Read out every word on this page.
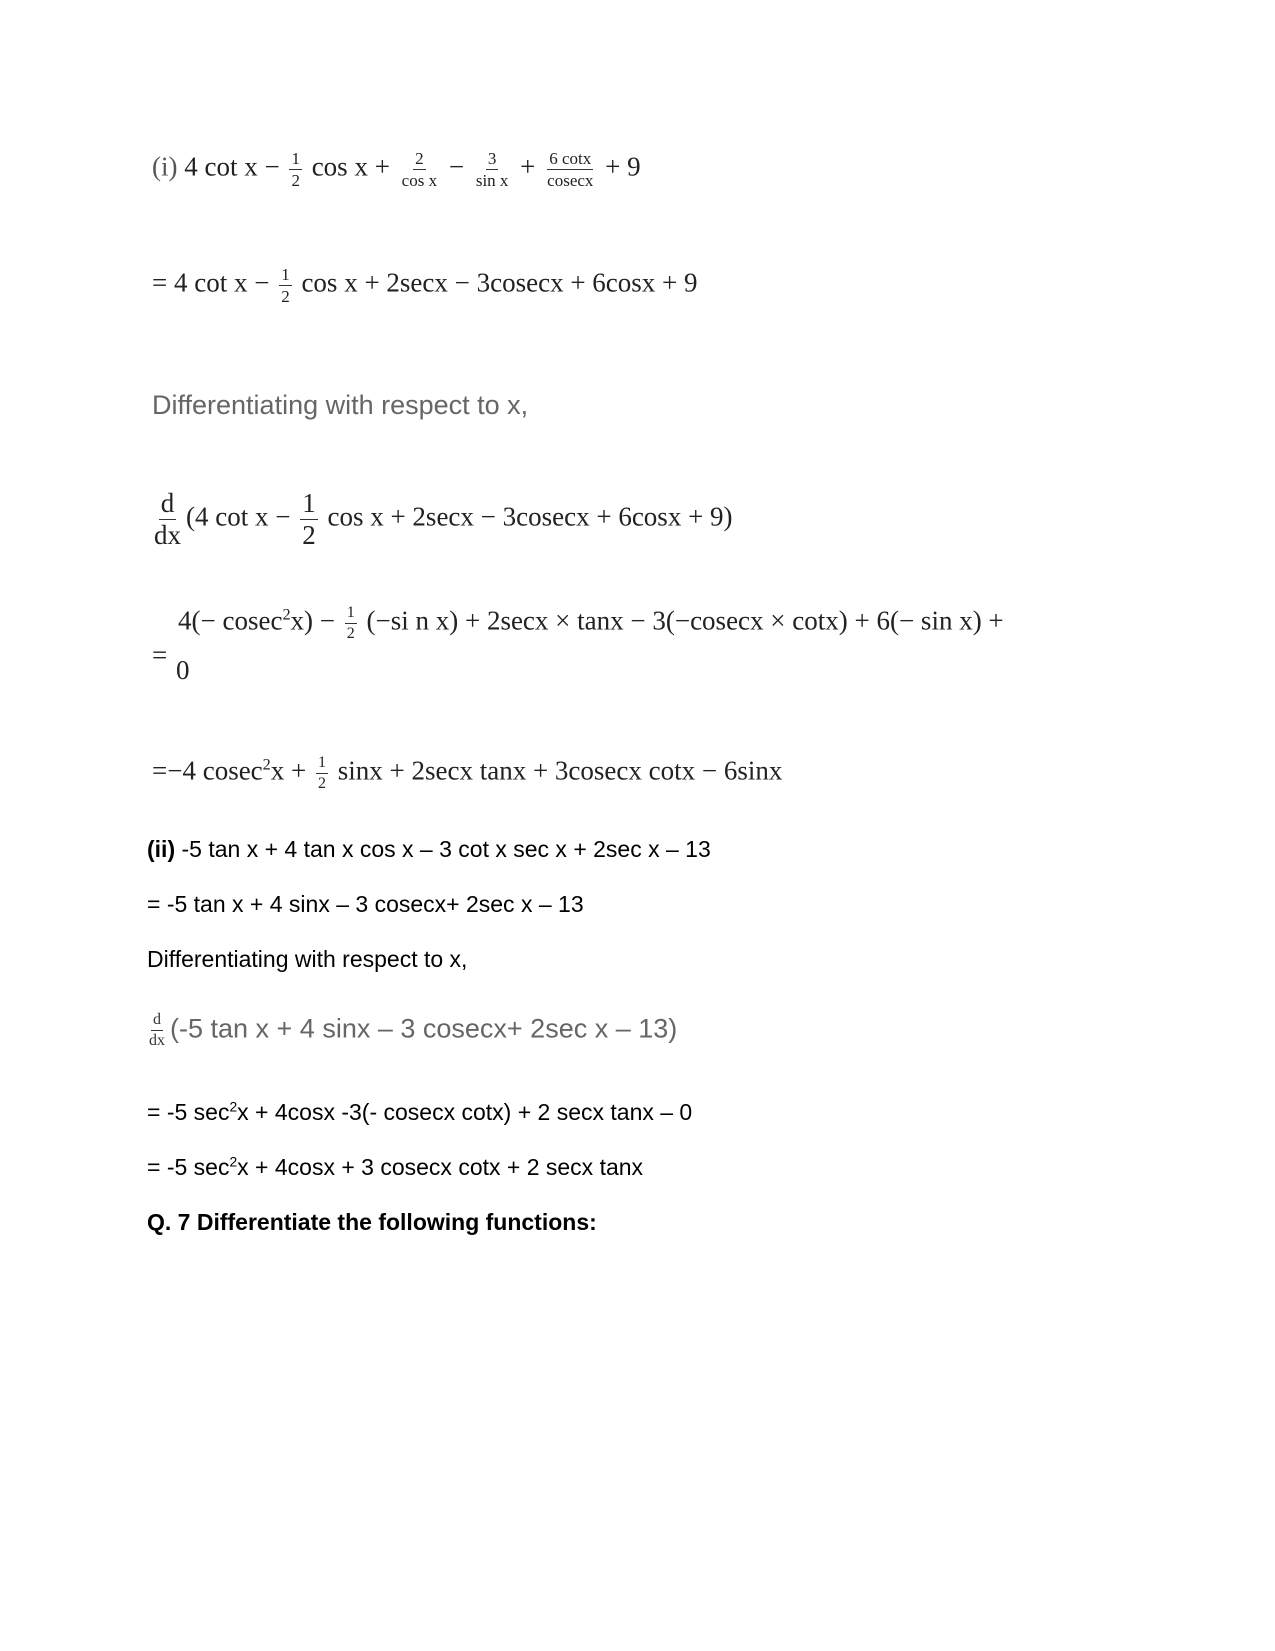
(i) 4 $\cot x - \frac{1}{2}$ $\cos x + \frac{2}{\text{cos x}} - \frac{3}{\text{sin x}} + \frac{6 \cot x}{cosecx} + 9$
= 4 $\cot x - \frac{1}{2}$ cos x + 2secx − 3cosecx + 6cosx + 9
Differentiating with respect to x,
$\frac{d}{dx} (4$ $\cot x - \frac{1}{2}$ cos x + 2secx − 3cosecx + 6cosx + 9)
=
$4(- cosec^2x) - \frac{1}{2} (-si$ n x) + 2secx × tanx − 3(−cosecx × cotx) + 6(− sin x) +
0
=−4 $cosec^2x + \frac{1}{2}$ sinx + 2secx tanx + 3cosecx cotx − 6sinx
(ii) -5 tan x + 4 tan x cos x – 3 cot x sec x + 2sec x – 13
= -5 tan x + 4 sinx – 3 cosecx+ 2sec x – 13
Differentiating with respect to x,
$\frac{d}{dx} (-5$ tan x + 4 sinx – 3 cosecx+ 2sec x – 13)
= -5 $\sec^2x + 4\cos x$ -3(- cosecx cotx) + 2 secx tanx – 0
= -5 $\sec^2x + 4\cos x + 3$ cosecx cotx + 2 secx tanx
Q. 7 Differentiate the following functions:
